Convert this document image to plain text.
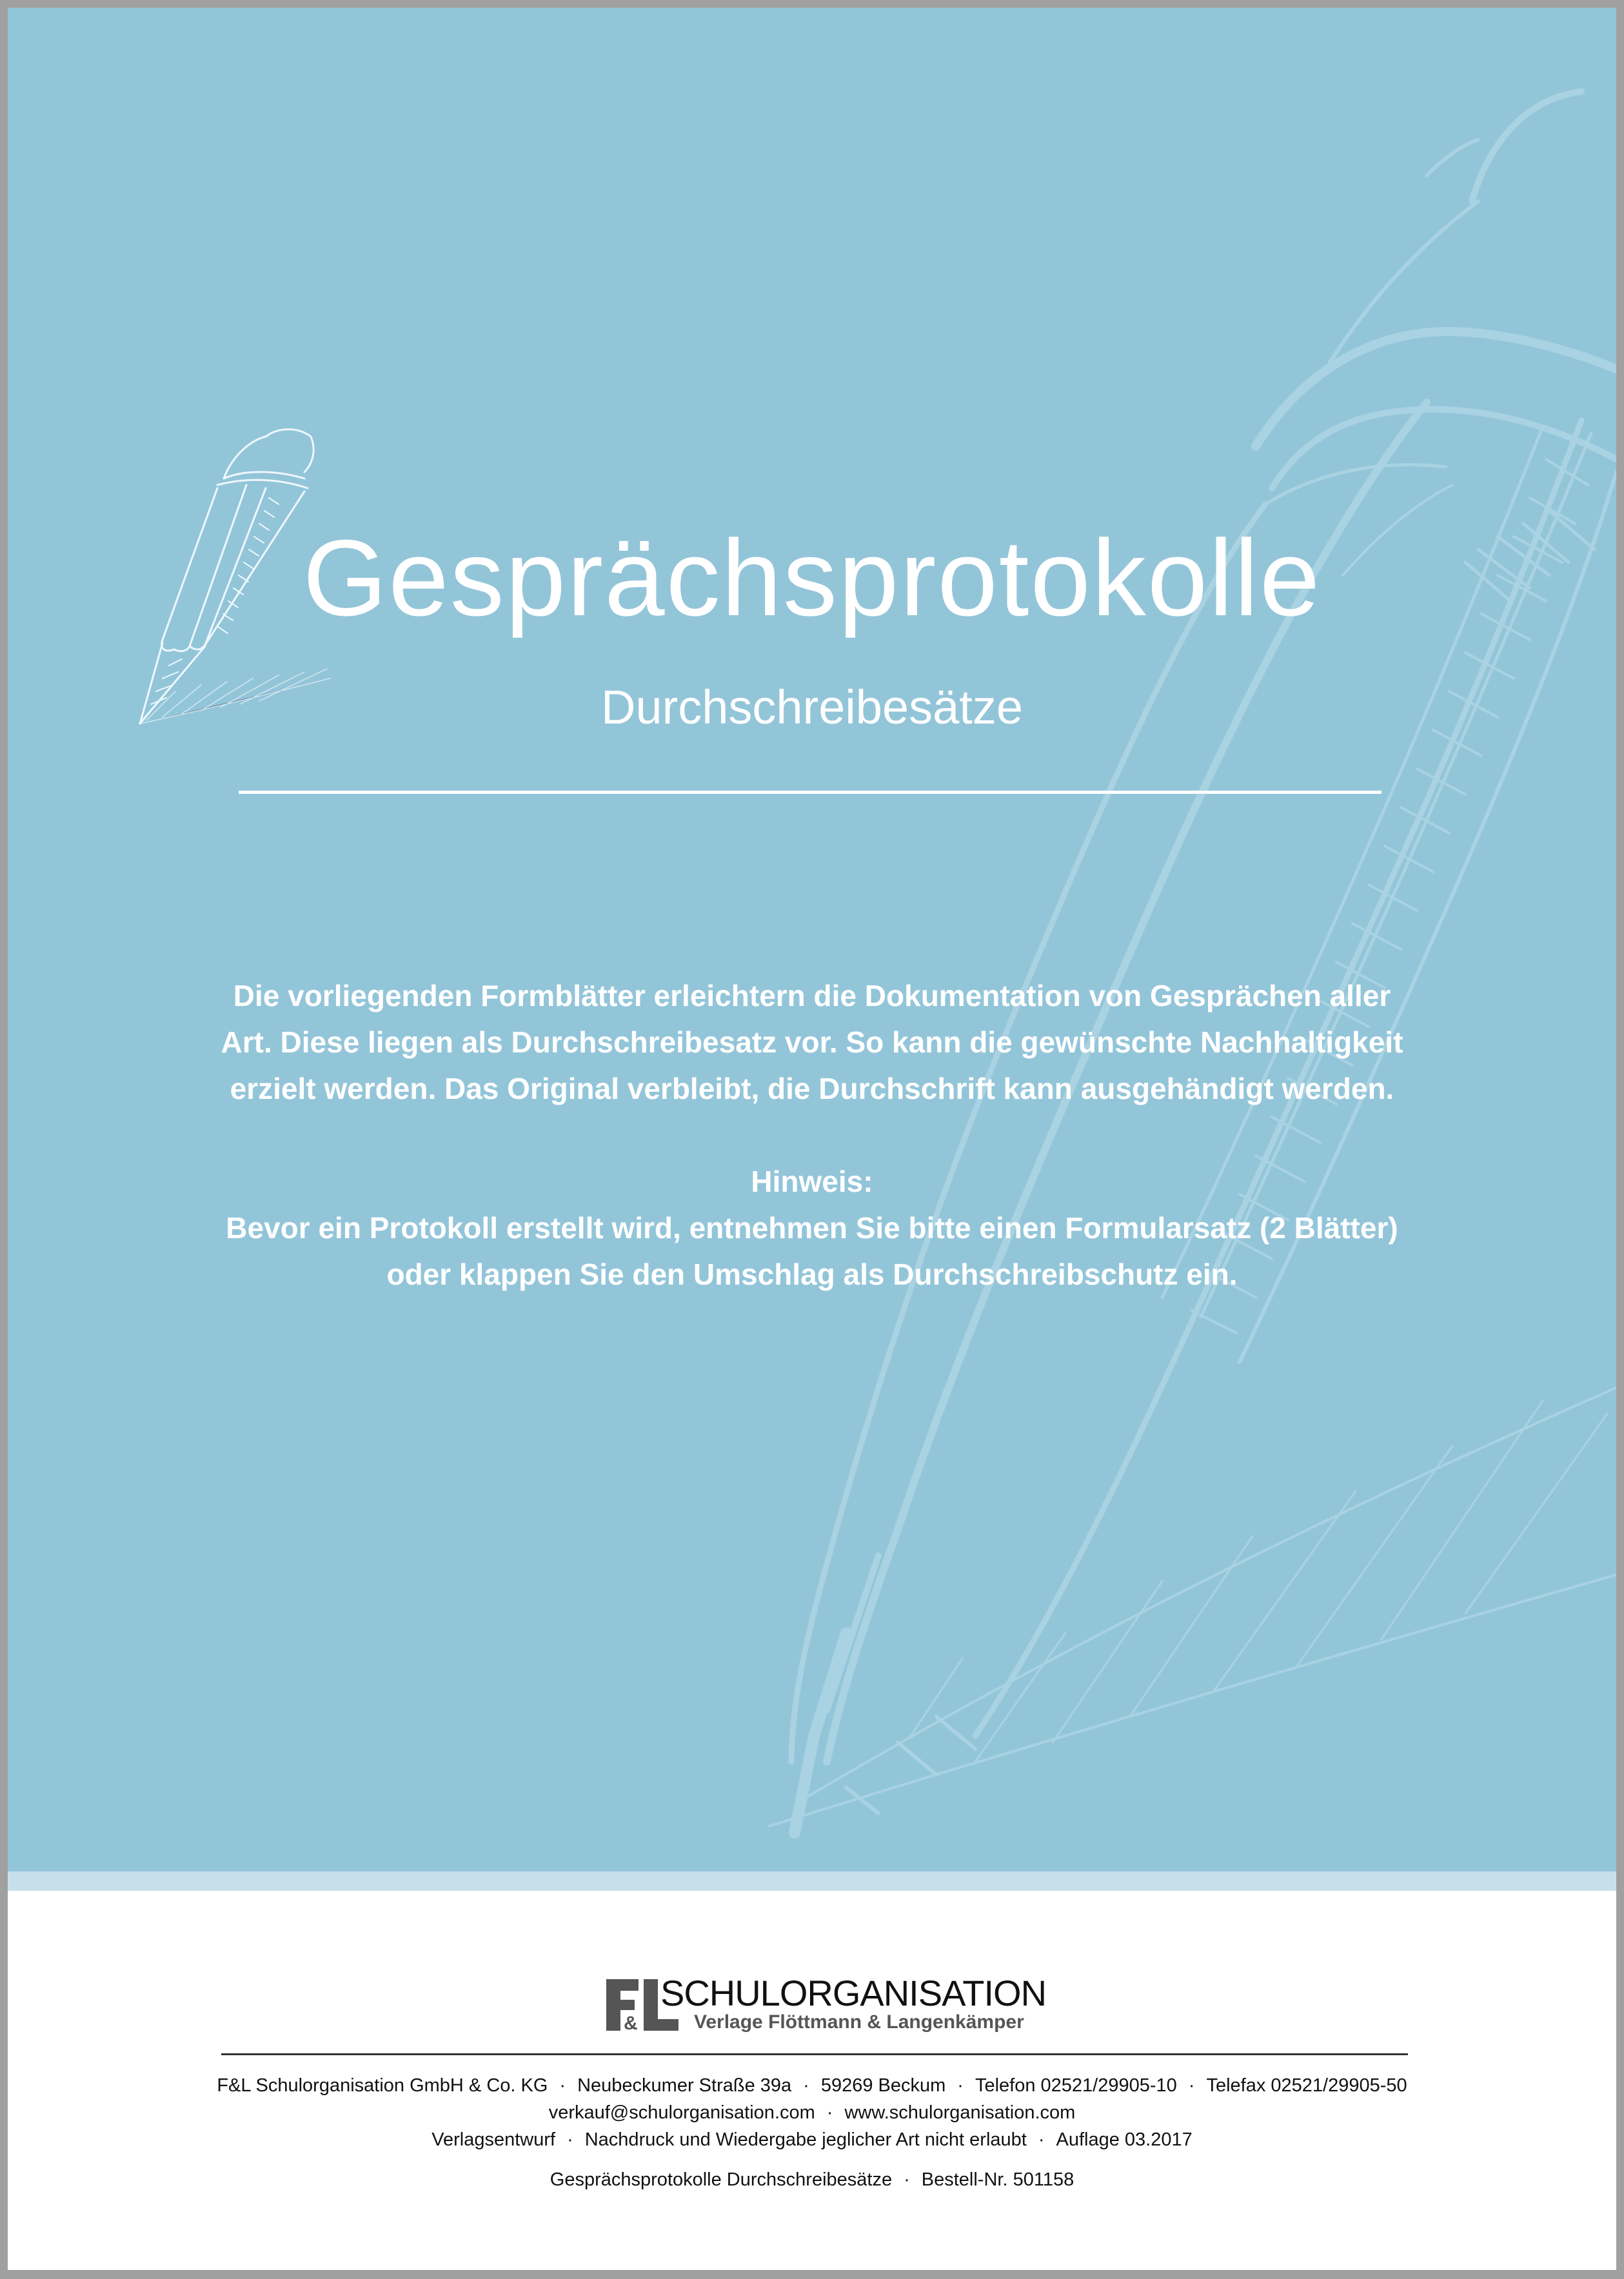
Gesprächsprotokolle
Durchschreibesätze

Die vorliegenden Formblätter erleichtern die Dokumentation von Gesprächen aller

Art. Diese liegen als Durchschreibesatz vor. So kann die gewünschte Nachhaltigkeit

erzielt werden. Das Original verbleibt, die Durchschrift kann ausgehändigt werden.

Hinweis:

Bevor ein Protokoll erstellt wird, entnehmen Sie bitte einen Formularsatz (2 Blätter)

oder klappen Sie den Umschlag als Durchschreibschutz ein.

&
SCHULORGANISATION
Verlage Flöttmann & Langenkämper
F&L Schulorganisation GmbH & Co. KG · Neubeckumer Straße 39a · 59269 Beckum · Telefon 02521/29905-10 · Telefax 02521/29905-50
verkauf@schulorganisation.com · www.schulorganisation.com
Verlagsentwurf · Nachdruck und Wiedergabe jeglicher Art nicht erlaubt · Auflage 03.2017
Gesprächsprotokolle Durchschreibesätze · Bestell-Nr. 501158
